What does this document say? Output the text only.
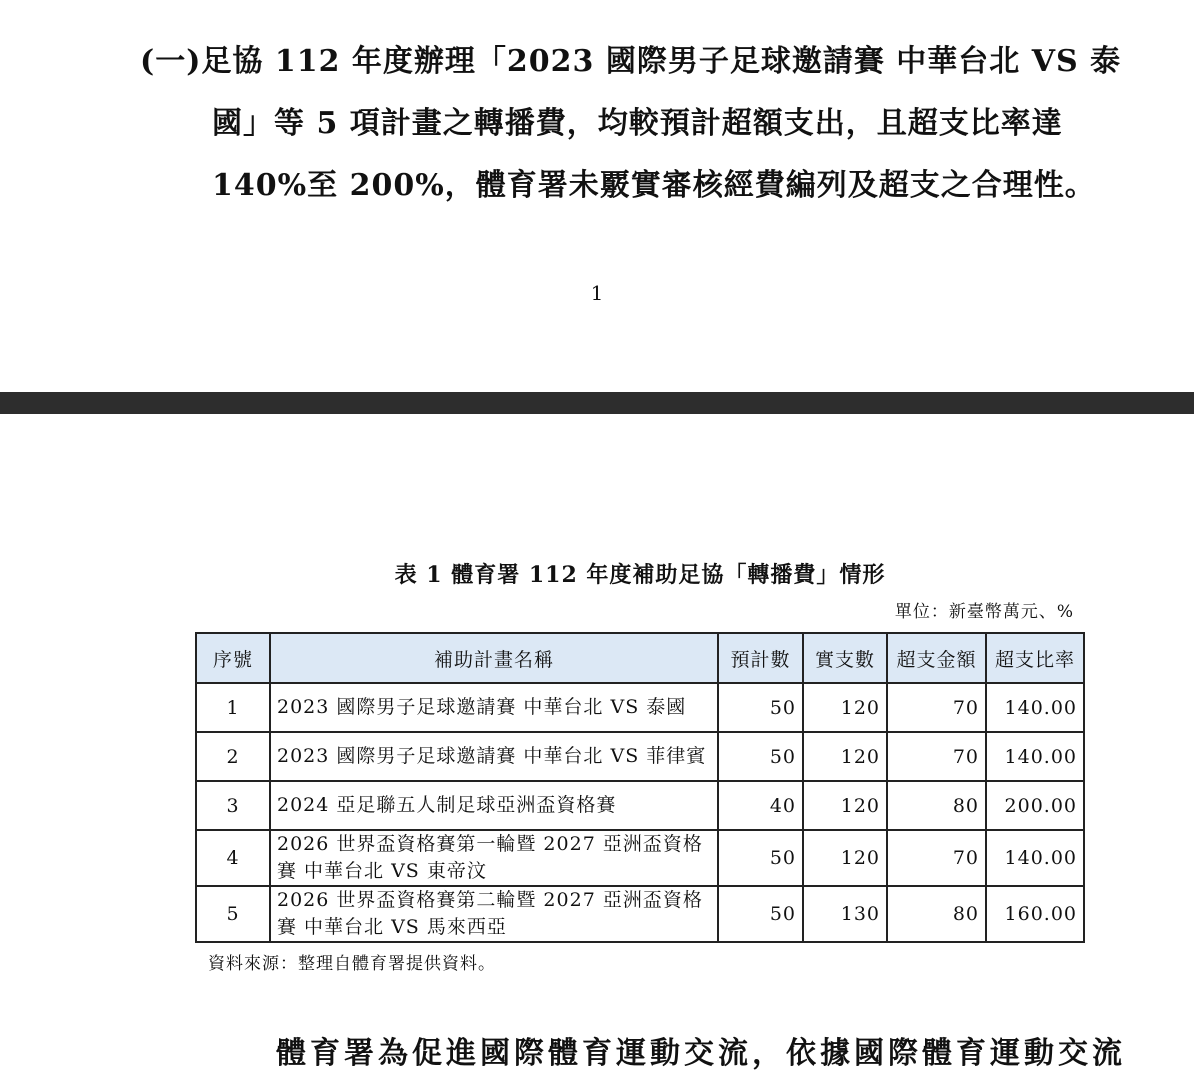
(一)足協 112 年度辦理「2023 國際男子足球邀請賽 中華台北 VS 泰
國」等 5 項計畫之轉播費，均較預計超額支出，且超支比率達
140%至 200%，體育署未覈實審核經費編列及超支之合理性。
1
表 1 體育署 112 年度補助足協「轉播費」情形
單位：新臺幣萬元、%
序號	補助計畫名稱	預計數	實支數	超支金額	超支比率
1	2023 國際男子足球邀請賽 中華台北 VS 泰國	50	120	70	140.00
2	2023 國際男子足球邀請賽 中華台北 VS 菲律賓	50	120	70	140.00
3	2024 亞足聯五人制足球亞洲盃資格賽	40	120	80	200.00
4	2026 世界盃資格賽第一輪暨 2027 亞洲盃資格
賽 中華台北 VS 東帝汶	50	120	70	140.00
5	2026 世界盃資格賽第二輪暨 2027 亞洲盃資格
賽 中華台北 VS 馬來西亞	50	130	80	160.00
資料來源：整理自體育署提供資料。
體育署為促進國際體育運動交流，依據國際體育運動交流
